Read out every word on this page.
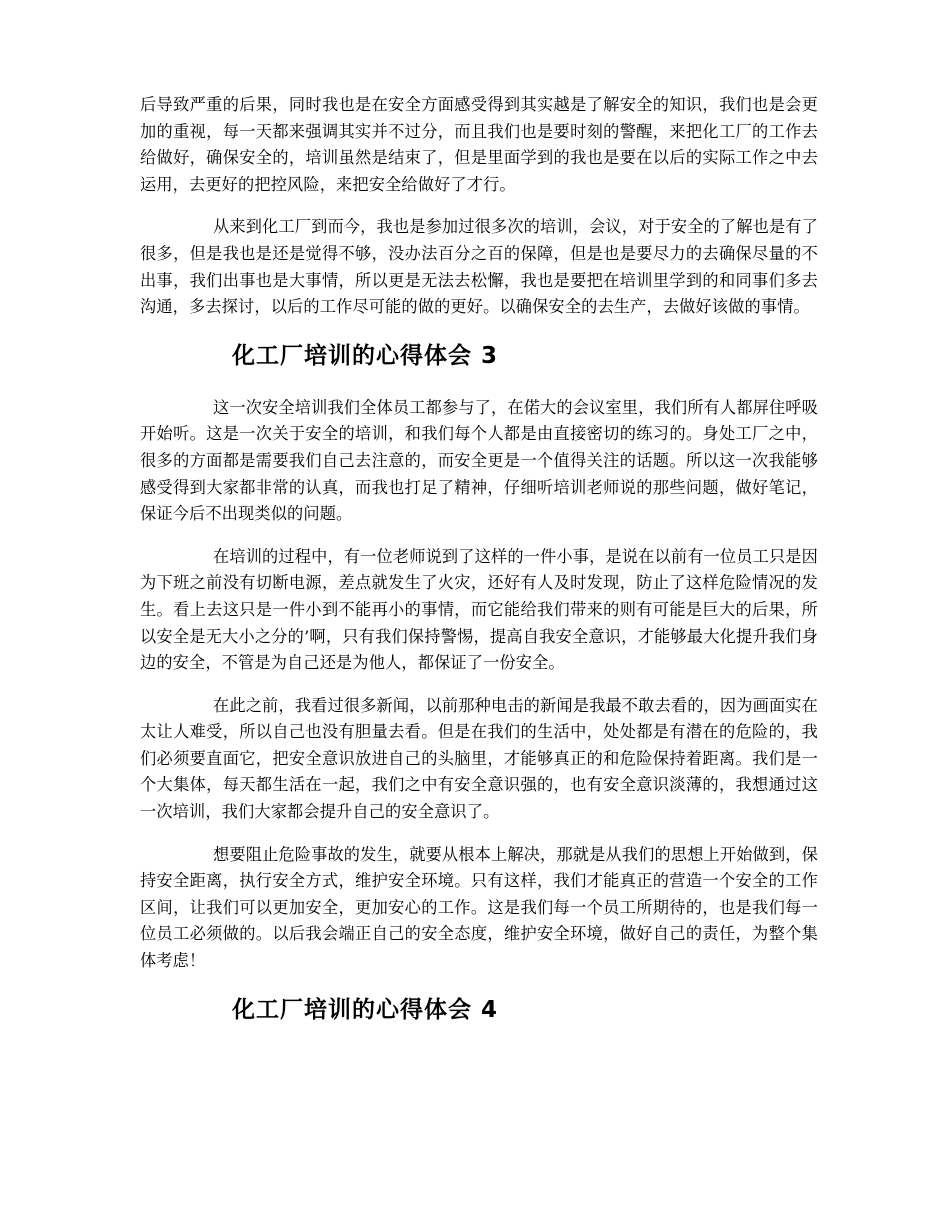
后导致严重的后果，同时我也是在安全方面感受得到其实越是了解安全的知识，我们也是会更加的重视，每一天都来强调其实并不过分，而且我们也是要时刻的警醒，来把化工厂的工作去给做好，确保安全的，培训虽然是结束了，但是里面学到的我也是要在以后的实际工作之中去运用，去更好的把控风险，来把安全给做好了才行。

从来到化工厂到而今，我也是参加过很多次的培训，会议，对于安全的了解也是有了很多，但是我也是还是觉得不够，没办法百分之百的保障，但是也是要尽力的去确保尽量的不出事，我们出事也是大事情，所以更是无法去松懈，我也是要把在培训里学到的和同事们多去沟通，多去探讨，以后的工作尽可能的做的更好。以确保安全的去生产，去做好该做的事情。

化工厂培训的心得体会 3

这一次安全培训我们全体员工都参与了，在偌大的会议室里，我们所有人都屏住呼吸开始听。这是一次关于安全的培训，和我们每个人都是由直接密切的练习的。身处工厂之中，很多的方面都是需要我们自己去注意的，而安全更是一个值得关注的话题。所以这一次我能够感受得到大家都非常的认真，而我也打足了精神，仔细听培训老师说的那些问题，做好笔记，保证今后不出现类似的问题。

在培训的过程中，有一位老师说到了这样的一件小事，是说在以前有一位员工只是因为下班之前没有切断电源，差点就发生了火灾，还好有人及时发现，防止了这样危险情况的发生。看上去这只是一件小到不能再小的事情，而它能给我们带来的则有可能是巨大的后果，所以安全是无大小之分的’啊，只有我们保持警惕，提高自我安全意识，才能够最大化提升我们身边的安全，不管是为自己还是为他人，都保证了一份安全。

在此之前，我看过很多新闻，以前那种电击的新闻是我最不敢去看的，因为画面实在太让人难受，所以自己也没有胆量去看。但是在我们的生活中，处处都是有潜在的危险的，我们必须要直面它，把安全意识放进自己的头脑里，才能够真正的和危险保持着距离。我们是一个大集体，每天都生活在一起，我们之中有安全意识强的，也有安全意识淡薄的，我想通过这一次培训，我们大家都会提升自己的安全意识了。

想要阻止危险事故的发生，就要从根本上解决，那就是从我们的思想上开始做到，保持安全距离，执行安全方式，维护安全环境。只有这样，我们才能真正的营造一个安全的工作区间，让我们可以更加安全，更加安心的工作。这是我们每一个员工所期待的，也是我们每一位员工必须做的。以后我会端正自己的安全态度，维护安全环境，做好自己的责任，为整个集体考虑！

化工厂培训的心得体会 4
